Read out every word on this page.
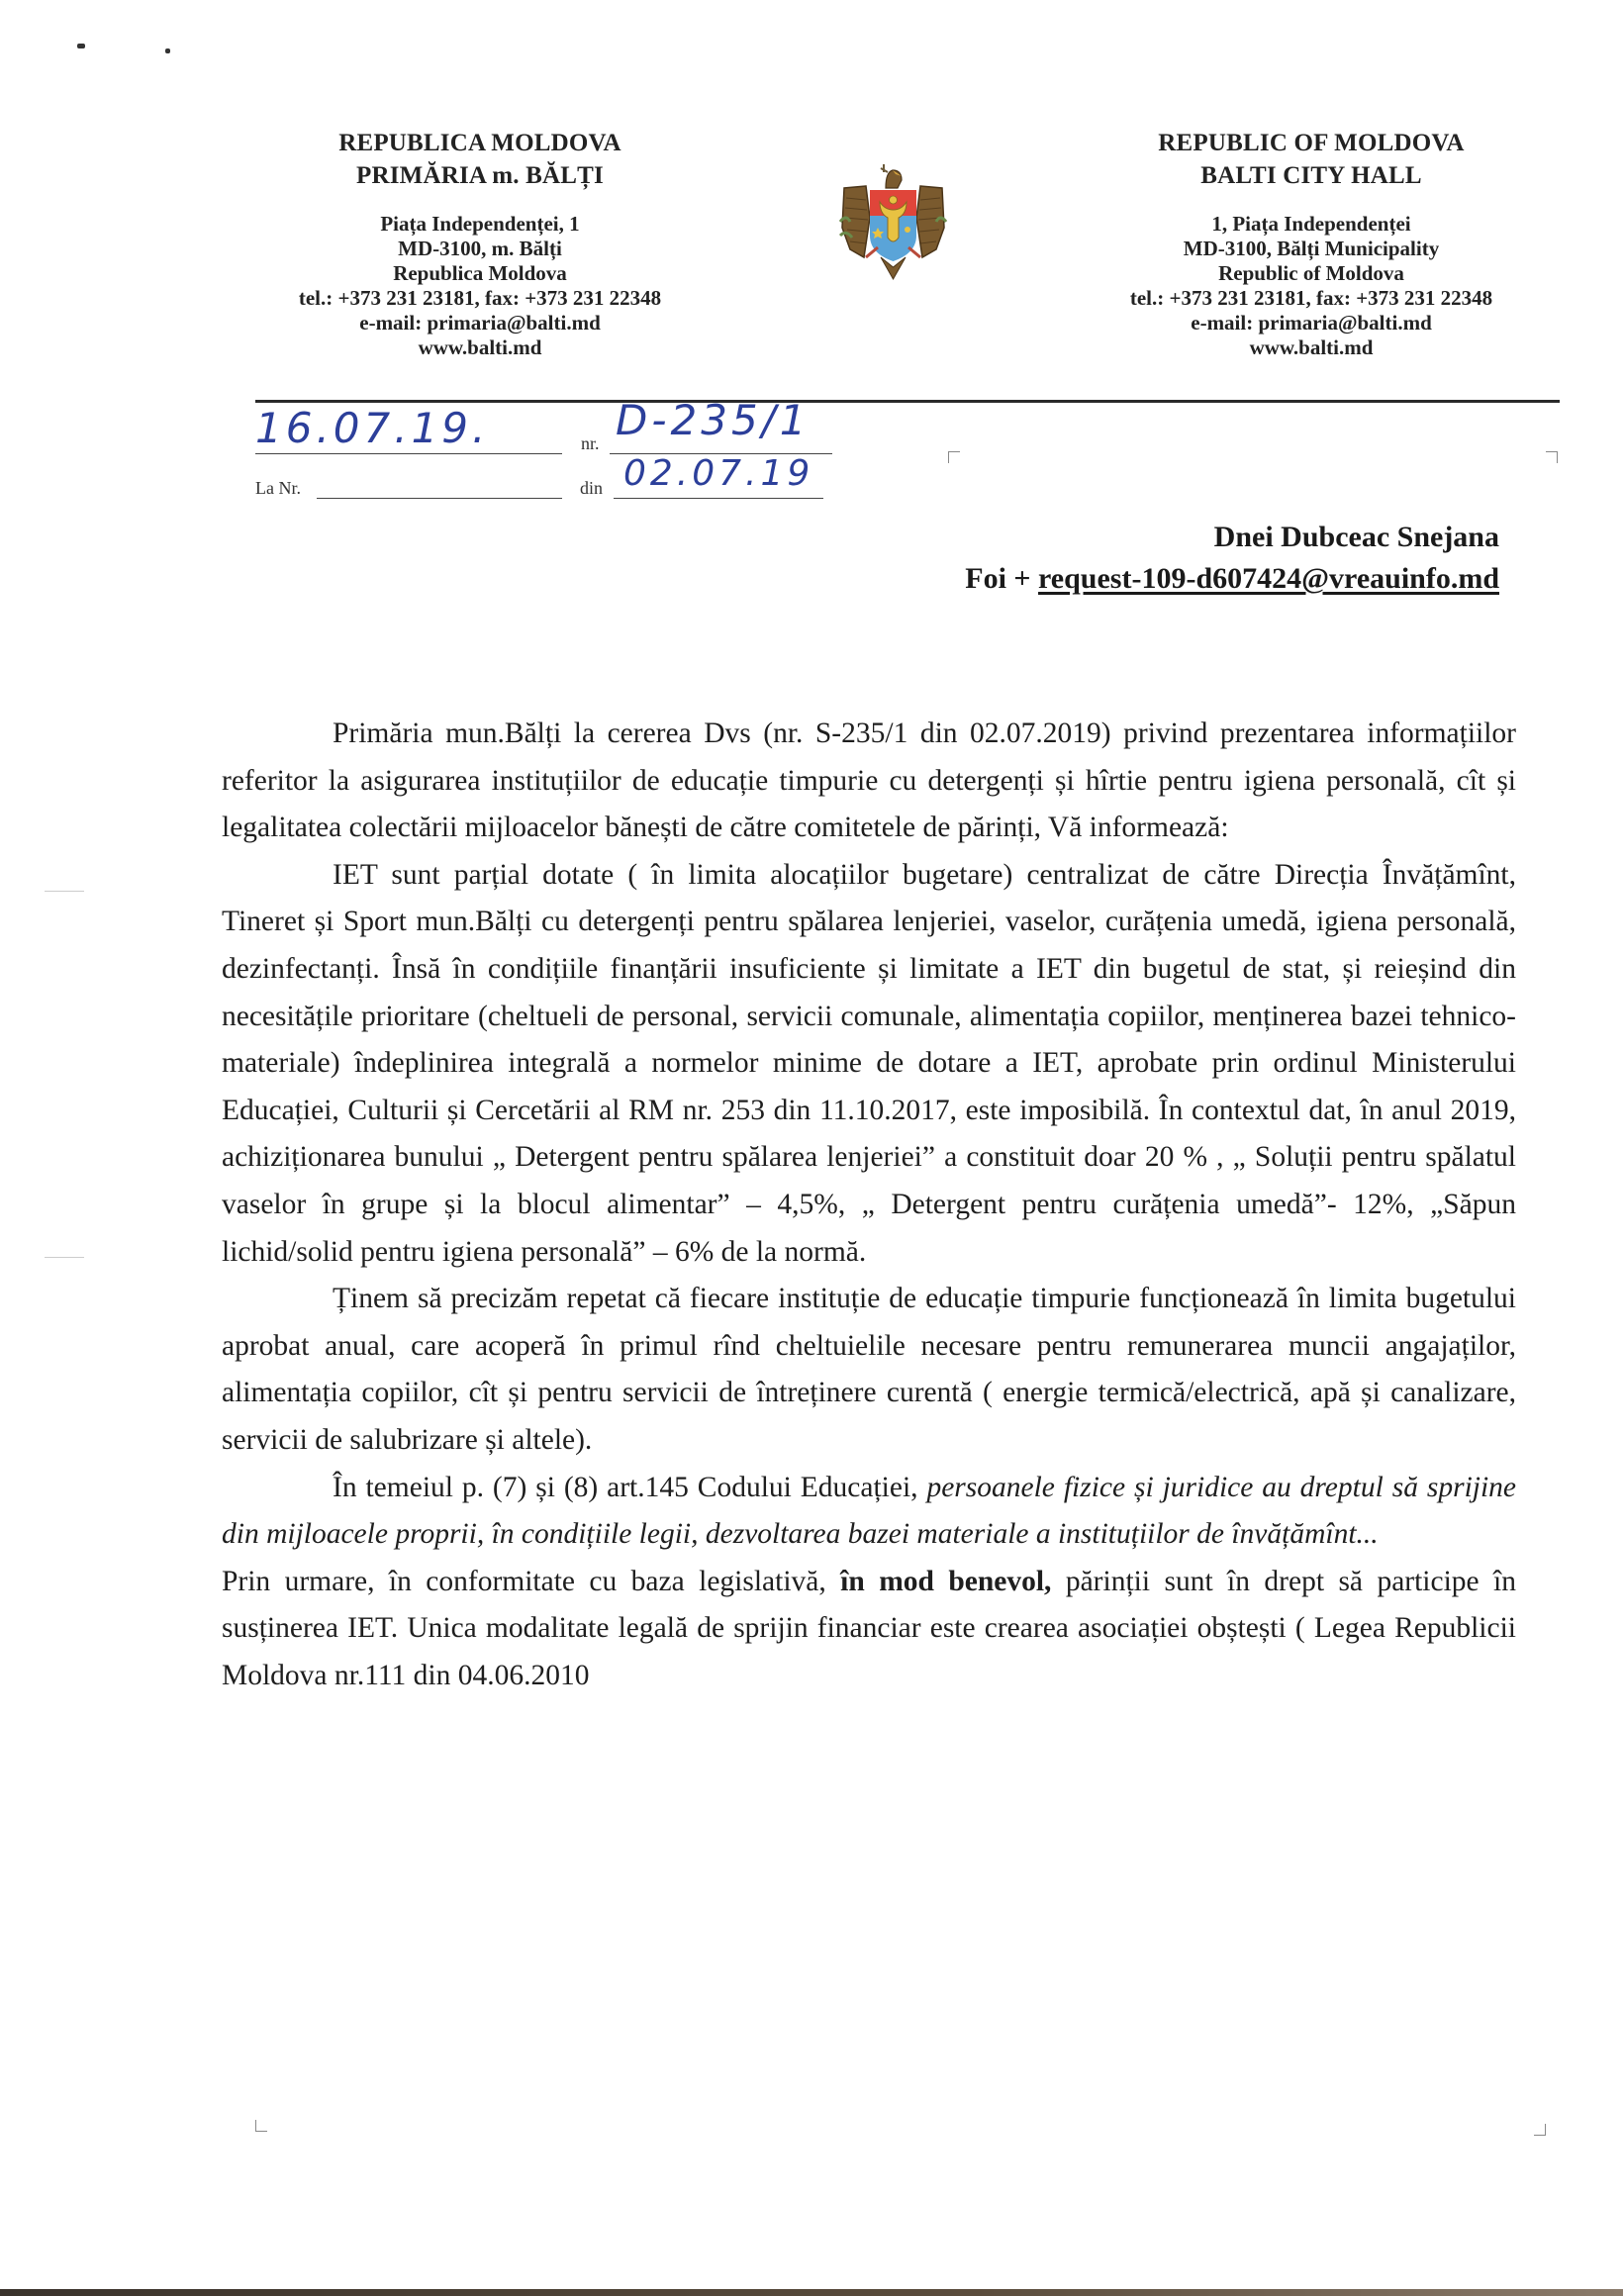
REPUBLICA MOLDOVA
PRIMĂRIA m. BĂLȚI
Piața Independenței, 1
MD-3100, m. Bălți
Republica Moldova
tel.: +373 231 23181, fax: +373 231 22348
e-mail: primaria@balti.md
www.balti.md
REPUBLIC OF MOLDOVA
BALTI CITY HALL
1, Piața Independenței
MD-3100, Bălți Municipality
Republic of Moldova
tel.: +373 231 23181, fax: +373 231 22348
e-mail: primaria@balti.md
www.balti.md
16.07.19.	nr. D-235/1
La Nr.	din 02.07.19
Dnei Dubceac Snejana
Foi + request-109-d607424@vreauinfo.md

Primăria mun.Bălți la cererea Dvs (nr. S-235/1 din 02.07.2019) privind prezentarea informațiilor referitor la asigurarea instituțiilor de educație timpurie cu detergenți și hîrtie pentru igiena personală, cît și legalitatea colectării mijloacelor bănești de către comitetele de părinți, Vă informează:

IET sunt parțial dotate ( în limita alocațiilor bugetare) centralizat de către Direcția Învățămînt, Tineret și Sport mun.Bălți cu detergenți pentru spălarea lenjeriei, vaselor, curățenia umedă, igiena personală, dezinfectanți. Însă în condițiile finanțării insuficiente și limitate a IET din bugetul de stat, și reieșind din necesitățile prioritare (cheltueli de personal, servicii comunale, alimentația copiilor, menținerea bazei tehnico-materiale) îndeplinirea integrală a normelor minime de dotare a IET, aprobate prin ordinul Ministerului Educației, Culturii și Cercetării al RM nr. 253 din 11.10.2017, este imposibilă. În contextul dat, în anul 2019, achiziționarea bunului „ Detergent pentru spălarea lenjeriei” a constituit doar 20 % , „ Soluții pentru spălatul vaselor în grupe și la blocul alimentar” – 4,5%, „ Detergent pentru curățenia umedă”- 12%, „Săpun lichid/solid pentru igiena personală” – 6% de la normă.

Ținem să precizăm repetat că fiecare instituție de educație timpurie funcționează în limita bugetului aprobat anual, care acoperă în primul rînd cheltuielile necesare pentru remunerarea muncii angajaților, alimentația copiilor, cît și pentru servicii de întreținere curentă ( energie termică/electrică, apă și canalizare, servicii de salubrizare și altele).

În temeiul p. (7) și (8) art.145 Codului Educației, persoanele fizice și juridice au dreptul să sprijine din mijloacele proprii, în condițiile legii, dezvoltarea bazei materiale a instituțiilor de învățămînt...

Prin urmare, în conformitate cu baza legislativă, în mod benevol, părinții sunt în drept să participe în susținerea IET. Unica modalitate legală de sprijin financiar este crearea asociației obștești ( Legea Republicii Moldova nr.111 din 04.06.2010
